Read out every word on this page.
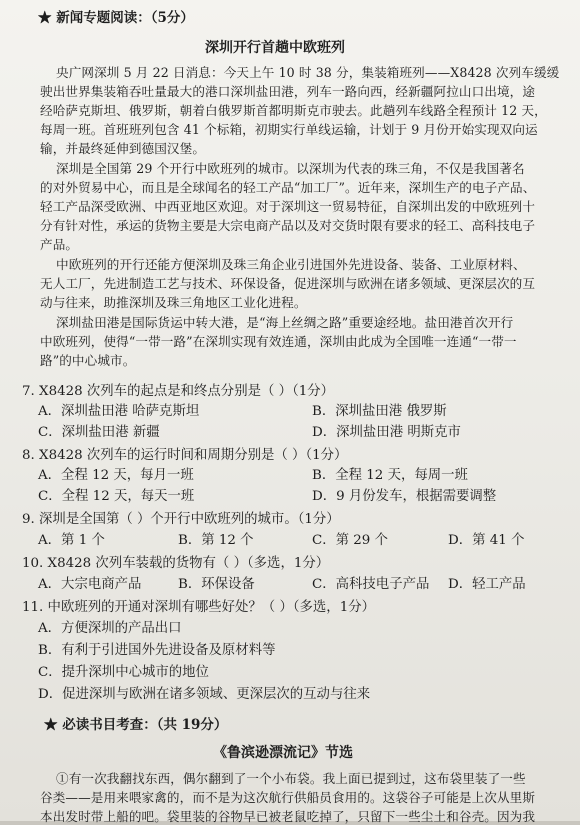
★ 新闻专题阅读：（5分）
深圳开行首趟中欧班列
央广网深圳 5 月 22 日消息：今天上午 10 时 38 分，集装箱班列——X8428 次列车缓缓
驶出世界集装箱吞吐量最大的港口深圳盐田港，列车一路向西，经新疆阿拉山口出境，途
经哈萨克斯坦、俄罗斯，朝着白俄罗斯首都明斯克市驶去。此趟列车线路全程预计 12 天，
每周一班。首班班列包含 41 个标箱，初期实行单线运输，计划于 9 月份开始实现双向运
输，并最终延伸到德国汉堡。
深圳是全国第 29 个开行中欧班列的城市。以深圳为代表的珠三角，不仅是我国著名
的对外贸易中心，而且是全球闻名的轻工产品“加工厂”。近年来，深圳生产的电子产品、
轻工产品深受欧洲、中西亚地区欢迎。对于深圳这一贸易特征，自深圳出发的中欧班列十
分有针对性，承运的货物主要是大宗电商产品以及对交货时限有要求的轻工、高科技电子
产品。
中欧班列的开行还能方便深圳及珠三角企业引进国外先进设备、装备、工业原材料、
无人工厂，先进制造工艺与技术、环保设备，促进深圳与欧洲在诸多领域、更深层次的互
动与往来，助推深圳及珠三角地区工业化进程。
深圳盐田港是国际货运中转大港，是“海上丝绸之路”重要途经地。盐田港首次开行
中欧班列，使得“一带一路”在深圳实现有效连通，深圳由此成为全国唯一连通“一带一
路”的中心城市。
7. X8428 次列车的起点是和终点分别是（ ）（1分）
A．深圳盐田港 哈萨克斯坦	B．深圳盐田港 俄罗斯
C．深圳盐田港 新疆	D．深圳盐田港 明斯克市
8. X8428 次列车的运行时间和周期分别是（ ）（1分）
A．全程 12 天，每月一班	B．全程 12 天，每周一班
C．全程 12 天，每天一班	D．9 月份发车，根据需要调整
9. 深圳是全国第（ ）个开行中欧班列的城市。（1分）
A．第 1 个	B．第 12 个	C．第 29 个	D．第 41 个
10. X8428 次列车装载的货物有（ ）（多选，1分）
A．大宗电商产品	B．环保设备	C．高科技电子产品 D．轻工产品
11. 中欧班列的开通对深圳有哪些好处？（ ）（多选，1分）
A．方便深圳的产品出口
B．有利于引进国外先进设备及原材料等
C．提升深圳中心城市的地位
D．促进深圳与欧洲在诸多领域、更深层次的互动与往来
★ 必读书目考查：（共 19分）
《鲁滨逊漂流记》节选
①有一次我翻找东西，偶尔翻到了一个小布袋。我上面已提到过，这布袋里装了一些
谷类——是用来喂家禽的，而不是为这次航行供船员食用的。这袋谷子可能是上次从里斯
本出发时带上船的吧。袋里装的谷物早已被老鼠吃掉了，只留下一些尘土和谷壳。因为我
